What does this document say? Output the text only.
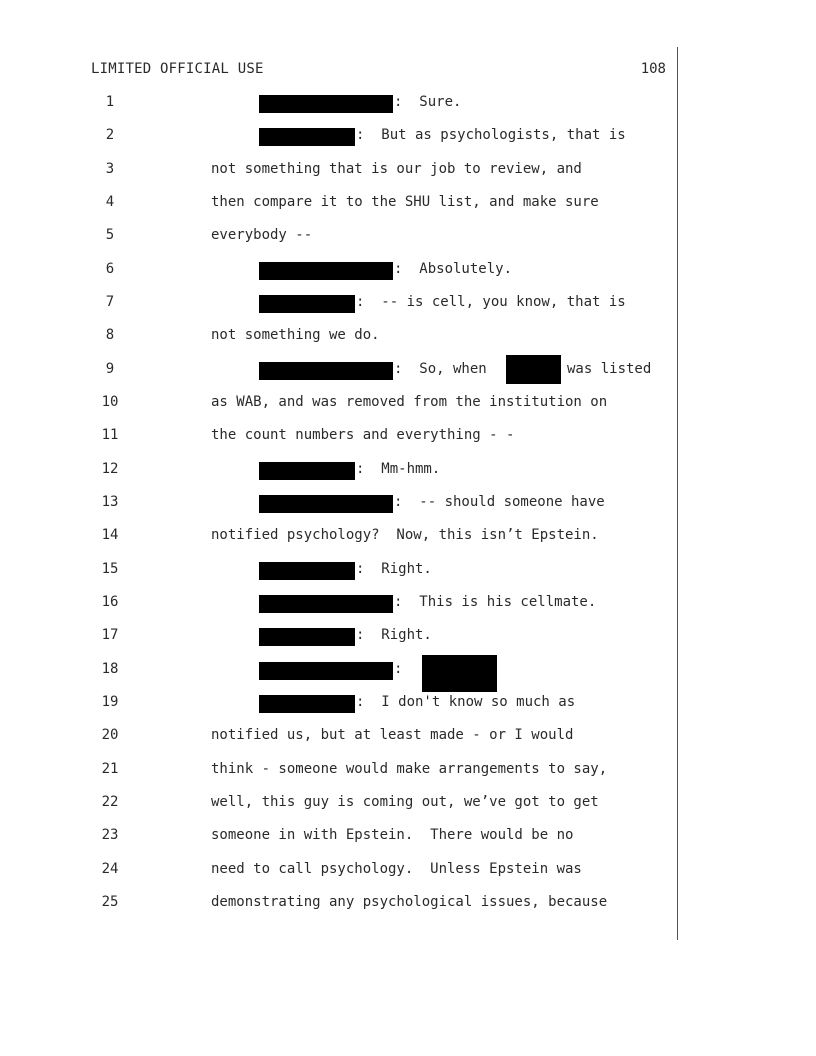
LIMITED OFFICIAL USE	108
1	:  Sure.
2	:  But as psychologists, that is
3	not something that is our job to review, and
4	then compare it to the SHU list, and make sure
5	everybody --
6	:  Absolutely.
7	:  -- is cell, you know, that is
8	not something we do.
9	:  So, when	was listed
10	as WAB, and was removed from the institution on
11	the count numbers and everything - -
12	:  Mm-hmm.
13	:  -- should someone have
14	notified psychology?  Now, this isn’t Epstein.
15	:  Right.
16	:  This is his cellmate.
17	:  Right.
18	:
19	:  I don't know so much as
20	notified us, but at least made - or I would
21	think - someone would make arrangements to say,
22	well, this guy is coming out, we’ve got to get
23	someone in with Epstein.  There would be no
24	need to call psychology.  Unless Epstein was
25	demonstrating any psychological issues, because
